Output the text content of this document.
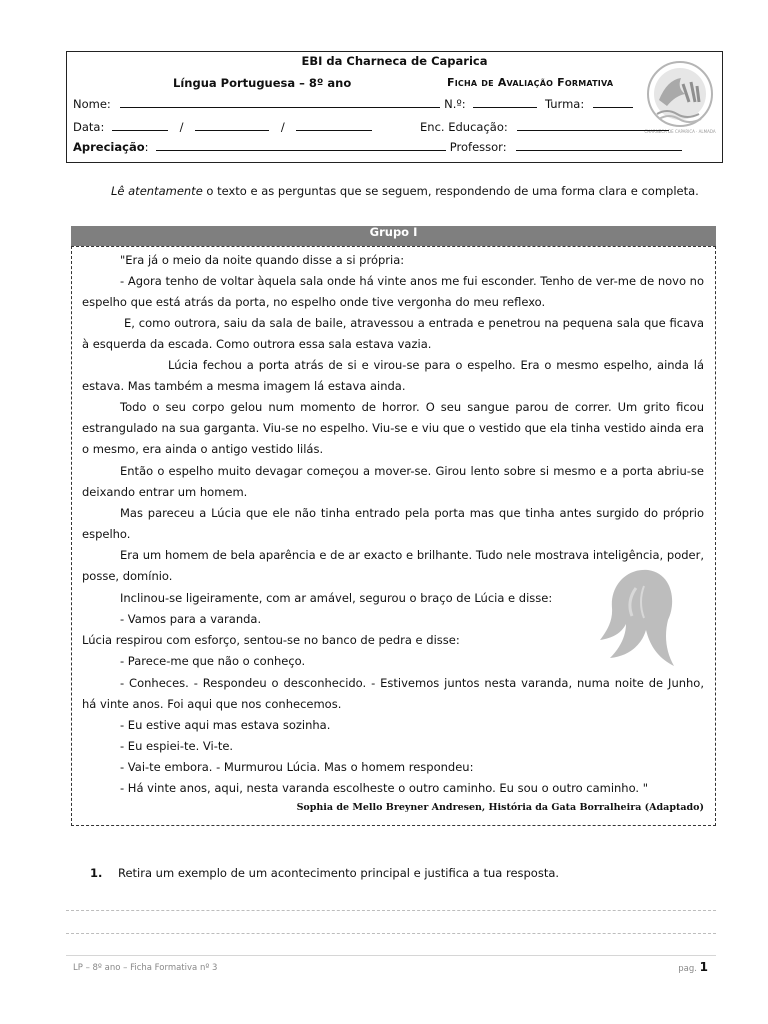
EBI da Charneca de Caparica
Língua Portuguesa – 8º ano	Ficha de Avaliação Formativa
CHARNECA DE CAPARICA · ALMADA
Nome:	N.º:	Turma:
Data:	/	/	Enc. Educação:
Apreciação:	Professor:
Lê atentamente o texto e as perguntas que se seguem, respondendo de uma forma clara e completa.
Grupo I
"Era já o meio da noite quando disse a si própria:
- Agora tenho de voltar àquela sala onde há vinte anos me fui esconder. Tenho de ver-me de novo no espelho que está atrás da porta, no espelho onde tive vergonha do meu reflexo.
E, como outrora, saiu da sala de baile, atravessou a entrada e penetrou na pequena sala que ficava à esquerda da escada. Como outrora essa sala estava vazia.
Lúcia fechou a porta atrás de si e virou-se para o espelho. Era o mesmo espelho, ainda lá estava. Mas também a mesma imagem lá estava ainda.
Todo o seu corpo gelou num momento de horror. O seu sangue parou de correr. Um grito ficou estrangulado na sua garganta. Viu-se no espelho. Viu-se e viu que o vestido que ela tinha vestido ainda era o mesmo, era ainda o antigo vestido lilás.
Então o espelho muito devagar começou a mover-se. Girou lento sobre si mesmo e a porta abriu-se deixando entrar um homem.
Mas pareceu a Lúcia que ele não tinha entrado pela porta mas que tinha antes surgido do próprio espelho.
Era um homem de bela aparência e de ar exacto e brilhante. Tudo nele mostrava inteligência, poder, posse, domínio.
Inclinou-se ligeiramente, com ar amável, segurou o braço de Lúcia e disse:
- Vamos para a varanda.
Lúcia respirou com esforço, sentou-se no banco de pedra e disse:
- Parece-me que não o conheço.
- Conheces. - Respondeu o desconhecido. - Estivemos juntos nesta varanda, numa noite de Junho, há vinte anos. Foi aqui que nos conhecemos.
- Eu estive aqui mas estava sozinha.
- Eu espiei-te. Vi-te.
- Vai-te embora. - Murmurou Lúcia. Mas o homem respondeu:
- Há vinte anos, aqui, nesta varanda escolheste o outro caminho. Eu sou o outro caminho. "
Sophia de Mello Breyner Andresen, História da Gata Borralheira (Adaptado)
1. Retira um exemplo de um acontecimento principal e justifica a tua resposta.
LP – 8º ano – Ficha Formativa nº 3	pag. 1
